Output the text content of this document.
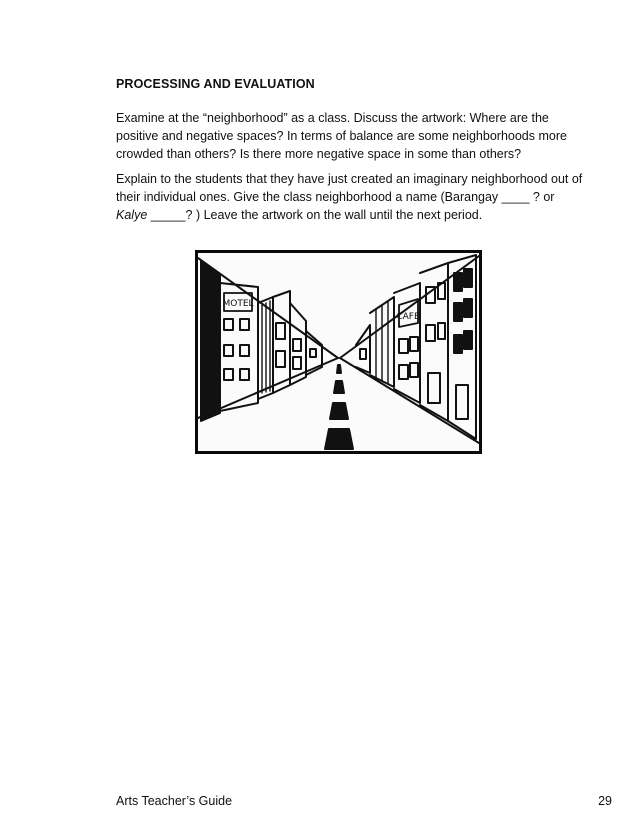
PROCESSING AND EVALUATION
Examine at the “neighborhood” as a class. Discuss the artwork: Where are the
positive and negative spaces? In terms of balance are some neighborhoods more
crowded than others? Is there more negative space in some than others?
Explain to the students that they have just created an imaginary neighborhood out of
their individual ones. Give the class neighborhood a name (Barangay ____ ? or
Kalye _____? ) Leave the artwork on the wall until the next period.
MOTEL
CAFE
Arts Teacher’s Guide	29
